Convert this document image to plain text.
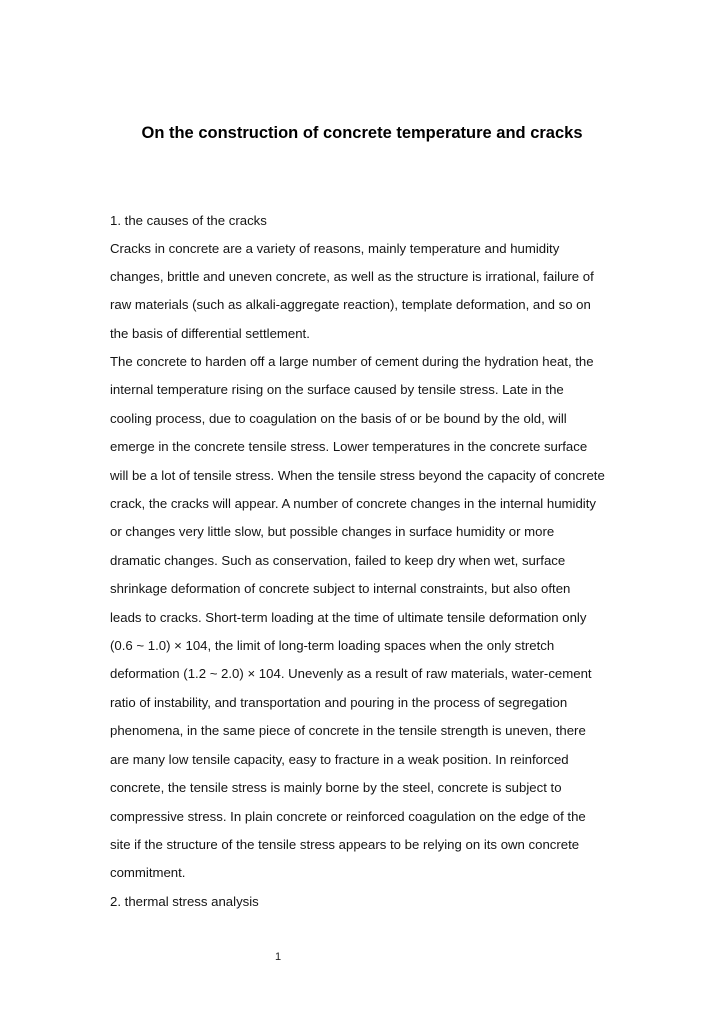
On the construction of concrete temperature and cracks

1. the causes of the cracks

Cracks in concrete are a variety of reasons, mainly temperature and humidity

changes, brittle and uneven concrete, as well as the structure is irrational, failure of

raw materials (such as alkali-aggregate reaction), template deformation, and so on

the basis of differential settlement.

The concrete to harden off a large number of cement during the hydration heat, the

internal temperature rising on the surface caused by tensile stress. Late in the

cooling process, due to coagulation on the basis of or be bound by the old, will

emerge in the concrete tensile stress. Lower temperatures in the concrete surface

will be a lot of tensile stress. When the tensile stress beyond the capacity of concrete

crack, the cracks will appear. A number of concrete changes in the internal humidity

or changes very little slow, but possible changes in surface humidity or more

dramatic changes. Such as conservation, failed to keep dry when wet, surface

shrinkage deformation of concrete subject to internal constraints, but also often

leads to cracks. Short-term loading at the time of ultimate tensile deformation only

(0.6 ~ 1.0) × 104, the limit of long-term loading spaces when the only stretch

deformation (1.2 ~ 2.0) × 104. Unevenly as a result of raw materials, water-cement

ratio of instability, and transportation and pouring in the process of segregation

phenomena, in the same piece of concrete in the tensile strength is uneven, there

are many low tensile capacity, easy to fracture in a weak position. In reinforced

concrete, the tensile stress is mainly borne by the steel, concrete is subject to

compressive stress. In plain concrete or reinforced coagulation on the edge of the

site if the structure of the tensile stress appears to be relying on its own concrete

commitment.

2. thermal stress analysis

1
